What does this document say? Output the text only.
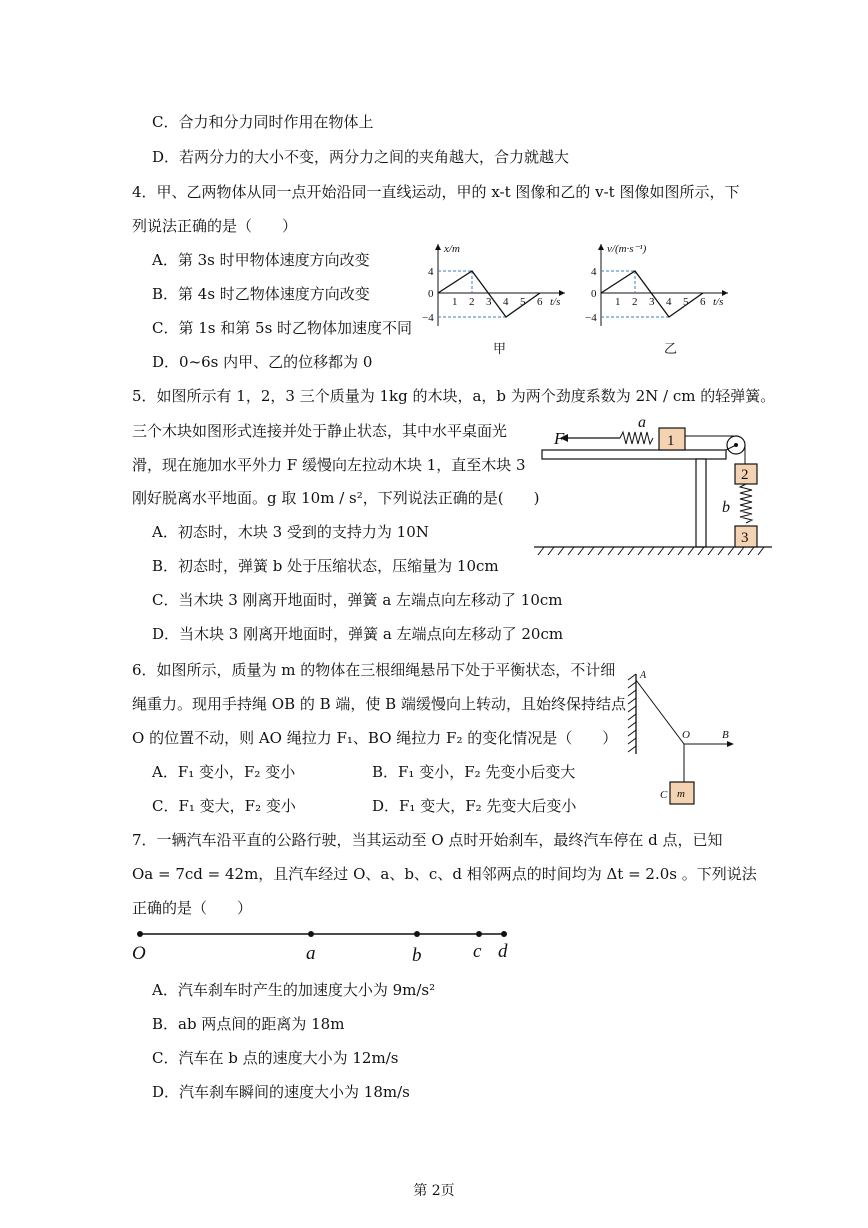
C．合力和分力同时作用在物体上
D．若两分力的大小不变，两分力之间的夹角越大，合力就越大
4．甲、乙两物体从同一点开始沿同一直线运动，甲的 x-t 图像和乙的 v-t 图像如图所示，下
列说法正确的是（　　）
A．第 3s 时甲物体速度方向改变
B．第 4s 时乙物体速度方向改变
C．第 1s 和第 5s 时乙物体加速度不同
D．0~6s 内甲、乙的位移都为 0
x/m
t/s
4
0
−4
1 2 3 4 5 6
甲
v/(m·s⁻¹)
t/s
4
0
−4
1 2 3 4 5 6
乙
5．如图所示有 1，2，3 三个质量为 1kg 的木块，a，b 为两个劲度系数为 2N / cm 的轻弹簧。
三个木块如图形式连接并处于静止状态，其中水平桌面光
滑，现在施加水平外力 F 缓慢向左拉动木块 1，直至木块 3
刚好脱离水平地面。g 取 10m / s²，下列说法正确的是(　　)
A．初态时，木块 3 受到的支持力为 10N
B．初态时，弹簧 b 处于压缩状态，压缩量为 10cm
C．当木块 3 刚离开地面时，弹簧 a 左端点向左移动了 10cm
D．当木块 3 刚离开地面时，弹簧 a 左端点向左移动了 20cm
F
a
1
2
b
3
6．如图所示，质量为 m 的物体在三根细绳悬吊下处于平衡状态，不计细
绳重力。现用手持绳 OB 的 B 端，使 B 端缓慢向上转动，且始终保持结点
O 的位置不动，则 AO 绳拉力 F₁、BO 绳拉力 F₂ 的变化情况是（　　）
A．F₁ 变小，F₂ 变小	B．F₁ 变小，F₂ 先变小后变大
C．F₁ 变大，F₂ 变小	D．F₁ 变大，F₂ 先变大后变小
A
O	B
C m
7．一辆汽车沿平直的公路行驶，当其运动至 O 点时开始刹车，最终汽车停在 d 点，已知
Oa = 7cd = 42m，且汽车经过 O、a、b、c、d 相邻两点的时间均为 Δt = 2.0s 。下列说法
正确的是（　　）
O	a	b	c d
A．汽车刹车时产生的加速度大小为 9m/s²
B．ab 两点间的距离为 18m
C．汽车在 b 点的速度大小为 12m/s
D．汽车刹车瞬间的速度大小为 18m/s
第 2页
